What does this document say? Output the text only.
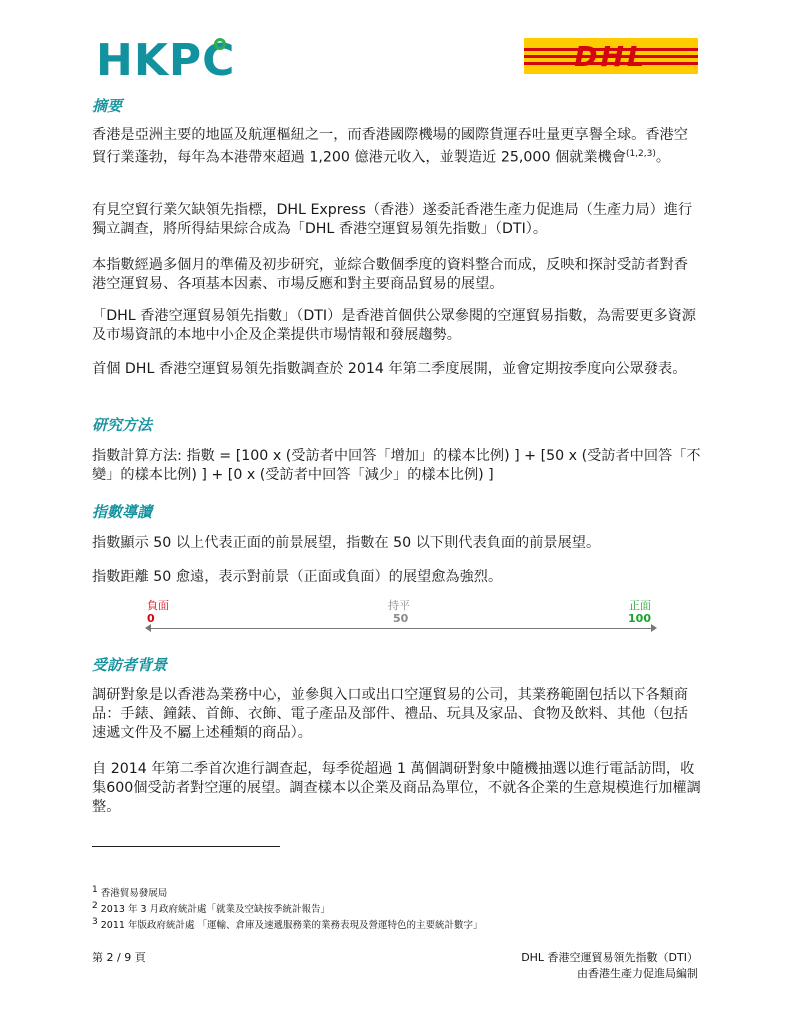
HKPC	DHL
摘要

香港是亞洲主要的地區及航運樞紐之一，而香港國際機場的國際貨運吞吐量更享譽全球。香港空貿行業蓬勃，每年為本港帶來超過 1,200 億港元收入，並製造近 25,000 個就業機會$^{(1,2,3)}$。

有見空貿行業欠缺領先指標，DHL Express（香港）遂委託香港生產力促進局（生產力局）進行獨立調查，將所得結果綜合成為「DHL 香港空運貿易領先指數」（DTI）。

本指數經過多個月的準備及初步研究，並綜合數個季度的資料整合而成，反映和探討受訪者對香港空運貿易、各項基本因素、市場反應和對主要商品貿易的展望。

「DHL 香港空運貿易領先指數」（DTI）是香港首個供公眾參閱的空運貿易指數，為需要更多資源及市場資訊的本地中小企及企業提供市場情報和發展趨勢。

首個 DHL 香港空運貿易領先指數調查於 2014 年第二季度展開，並會定期按季度向公眾發表。

研究方法

指數計算方法: 指數 = [100 x (受訪者中回答「增加」的樣本比例) ] + [50 x (受訪者中回答「不變」的樣本比例) ] + [0 x (受訪者中回答「減少」的樣本比例) ]

指數導讀

指數顯示 50 以上代表正面的前景展望，指數在 50 以下則代表負面的前景展望。

指數距離 50 愈遠，表示對前景（正面或負面）的展望愈為強烈。

負面
0
持平
50
正面
100
受訪者背景

調研對象是以香港為業務中心，並參與入口或出口空運貿易的公司，其業務範圍包括以下各類商品：手錶、鐘錶、首飾、衣飾、電子產品及部件、禮品、玩具及家品、食物及飲料、其他（包括速遞文件及不屬上述種類的商品）。

自 2014 年第二季首次進行調查起，每季從超過 1 萬個調研對象中隨機抽選以進行電話訪問，收集600個受訪者對空運的展望。調查樣本以企業及商品為單位，不就各企業的生意規模進行加權調整。

$^1$ 香港貿易發展局
$^2$ 2013 年 3 月政府統計處「就業及空缺按季統計報告」
$^3$ 2011 年版政府統計處 「運輸、倉庫及速遞服務業的業務表現及營運特色的主要統計數字」
第 2 / 9 頁	DHL 香港空運貿易領先指數（DTI）
由香港生產力促進局編制
